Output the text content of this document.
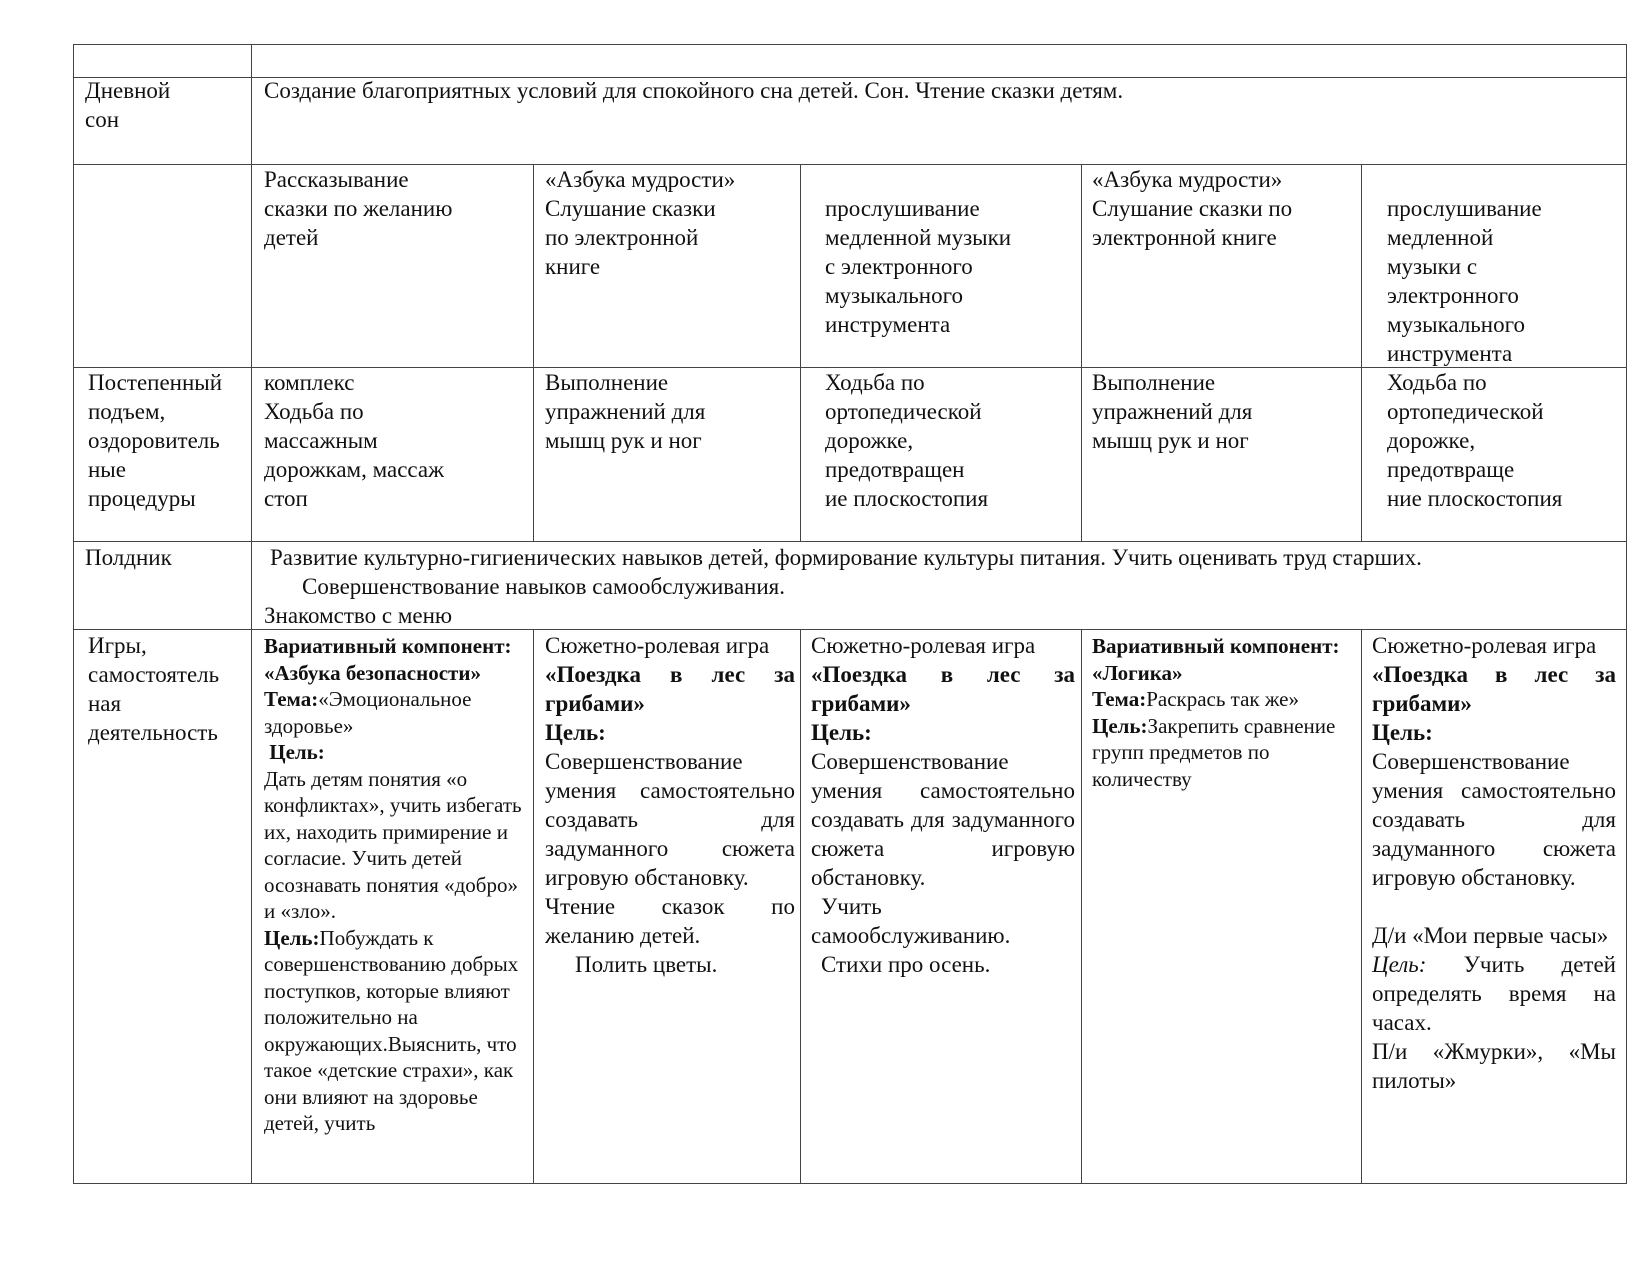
Дневной
сон
Создание благоприятных условий для спокойного сна детей. Сон. Чтение сказки детям.
Рассказывание
сказки по желанию
детей
«Азбука мудрости»
Слушание сказки
по электронной
книге
прослушивание
медленной музыки
с электронного
музыкального
инструмента
«Азбука мудрости»
Слушание сказки по
электронной книге
прослушивание
медленной
музыки с
электронного
музыкального
инструмента
Постепенный
подъем,
оздоровитель
ные
процедуры
комплекс
Ходьба по
массажным
дорожкам, массаж
стоп
Выполнение
упражнений для
мышц рук и ног
Ходьба по
ортопедической
дорожке,
предотвращен
ие плоскостопия
Выполнение
упражнений для
мышц рук и ног
Ходьба по
ортопедической
дорожке,
предотвраще
ние плоскостопия
Полдник	Развитие культурно-гигиенических навыков детей, формирование культуры питания. Учить оценивать труд старших.
Совершенствование навыков самообслуживания.
Знакомство с меню
Игры,
самостоятель
ная
деятельность
Вариативный компонент: «Азбука безопасности»
Тема:«Эмоциональное здоровье»
Цель:
Дать детям понятия «о конфликтах», учить избегать их, находить примирение и согласие. Учить детей осознавать понятия «добро» и «зло».
Цель:Побуждать к совершенствованию добрых поступков, которые влияют положительно на окружающих.Выяснить, что такое «детские страхи», как они влияют на здоровье детей, учить
Сюжетно-ролевая игра
«Поездка в лес за грибами»
Цель:
Совершенствование умения самостоятельно создавать для задуманного сюжета игровую обстановку.
Чтение сказок по желанию детей.
Полить цветы.
Сюжетно-ролевая игра
«Поездка в лес за грибами»
Цель:
Совершенствование умения самостоятельно создавать для задуманного сюжета игровую обстановку.
Учить самообслуживанию.
Стихи про осень.
Вариативный компонент: «Логика»
Тема:Раскрась так же»
Цель:Закрепить сравнение групп предметов по количеству
Сюжетно-ролевая игра
«Поездка в лес за грибами»
Цель:
Совершенствование умения самостоятельно создавать для задуманного сюжета игровую обстановку.

Д/и «Мои первые часы»
Цель: Учить детей определять время на часах.
П/и «Жмурки», «Мы пилоты»
